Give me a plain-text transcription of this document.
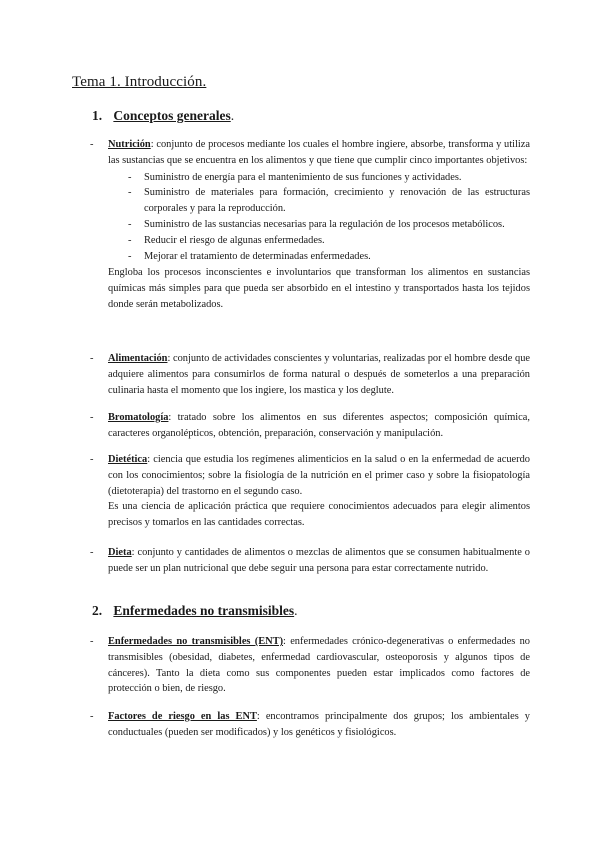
Tema 1. Introducción.
1. Conceptos generales.
- Nutrición: conjunto de procesos mediante los cuales el hombre ingiere, absorbe, transforma y utiliza las sustancias que se encuentra en los alimentos y que tiene que cumplir cinco importantes objetivos:
- Suministro de energía para el mantenimiento de sus funciones y actividades.
- Suministro de materiales para formación, crecimiento y renovación de las estructuras corporales y para la reproducción.
- Suministro de las sustancias necesarias para la regulación de los procesos metabólicos.
- Reducir el riesgo de algunas enfermedades.
- Mejorar el tratamiento de determinadas enfermedades.
Engloba los procesos inconscientes e involuntarios que transforman los alimentos en sustancias químicas más simples para que pueda ser absorbido en el intestino y transportados hasta los tejidos donde serán metabolizados.
- Alimentación: conjunto de actividades conscientes y voluntarias, realizadas por el hombre desde que adquiere alimentos para consumirlos de forma natural o después de someterlos a una preparación culinaria hasta el momento que los ingiere, los mastica y los deglute.
- Bromatología: tratado sobre los alimentos en sus diferentes aspectos; composición química, caracteres organolépticos, obtención, preparación, conservación y manipulación.
- Dietética: ciencia que estudia los regímenes alimenticios en la salud o en la enfermedad de acuerdo con los conocimientos; sobre la fisiología de la nutrición en el primer caso y sobre la fisiopatología (dietoterapia) del trastorno en el segundo caso.
Es una ciencia de aplicación práctica que requiere conocimientos adecuados para elegir alimentos precisos y tomarlos en las cantidades correctas.
- Dieta: conjunto y cantidades de alimentos o mezclas de alimentos que se consumen habitualmente o puede ser un plan nutricional que debe seguir una persona para estar correctamente nutrido.
2. Enfermedades no transmisibles.
- Enfermedades no transmisibles (ENT): enfermedades crónico-degenerativas o enfermedades no transmisibles (obesidad, diabetes, enfermedad cardiovascular, osteoporosis y algunos tipos de cánceres). Tanto la dieta como sus componentes pueden estar implicados como factores de protección o bien, de riesgo.
- Factores de riesgo en las ENT: encontramos principalmente dos grupos; los ambientales y conductuales (pueden ser modificados) y los genéticos y fisiológicos.
